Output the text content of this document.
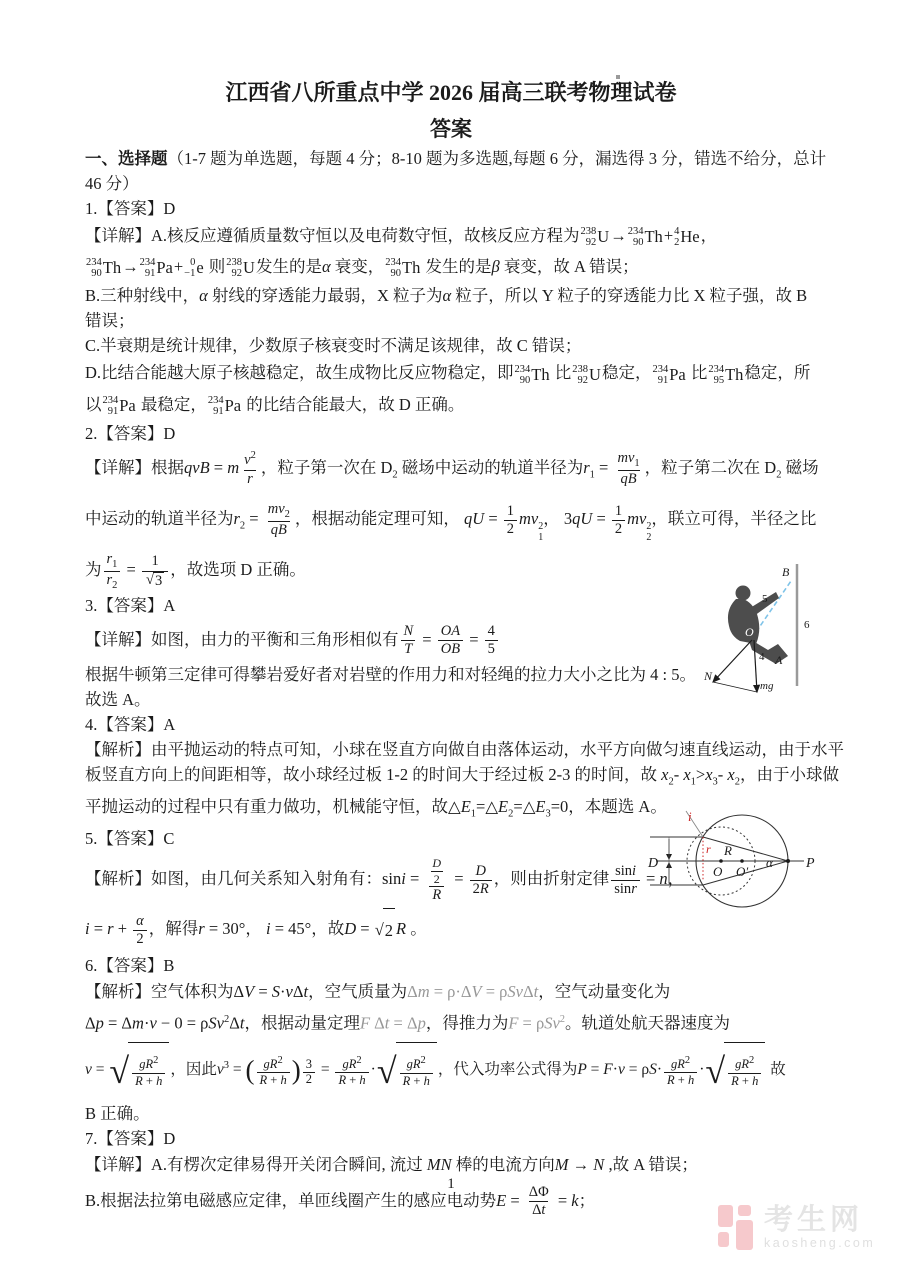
江西省八所重点中学 2026 届高三联考物理试卷
答案
一、选择题（1-7 题为单选题，每题 4 分；8-10 题为多选题,每题 6 分，漏选得 3 分，错选不给分，总计
46 分）
1.【答案】D
【详解】A.核反应遵循质量数守恒以及电荷数守恒，故核反应方程为 238
92 U → 234
90 Th + 4
2 He ，
234
90 Th → 234
91 Pa + 0
−1 e 则 238
92 U 发生的是α 衰变， 234
90 Th 发生的是β 衰变，故 A 错误；
B.三种射线中，α 射线的穿透能力最弱，X 粒子为α 粒子，所以 Y 粒子的穿透能力比 X 粒子强，故 B
错误；
C.半衰期是统计规律，少数原子核衰变时不满足该规律，故 C 错误；
D.比结合能越大原子核越稳定，故生成物比反应物稳定，即 234
90 Th 比 238
92 U 稳定， 234
91 Pa 比 234
95 Th 稳定，所
以 234
91 Pa 最稳定， 234
91 Pa 的比结合能最大，故 D 正确。
2.【答案】D
【详解】根据qvB = m $\frac{v^2}{r}$ ，粒子第一次在 $D_2$ 磁场中运动的轨道半径为$r_1 = \frac{mv_1}{qB}$ ，粒子第二次在 $D_2$ 磁场
中运动的轨道半径为$r_2 = \frac{mv_2}{qB}$ ，根据动能定理可知， qU = $\frac{1}{2}$ mv 2
1
， $3qU = \frac{1}{2}$ mv 2
2
，联立可得，半径之比
为 $\frac{r_1}{r_2} = \frac{1}{√ 3}$ ，故选项 D 正确。
3.【答案】A
【详解】如图，由力的平衡和三角形相似有 $\frac{N}{T} = \frac{OA}{OB} = \frac{4}{5}$
根据牛顿第三定律可得攀岩爱好者对岩壁的作用力和对轻绳的拉力大小之比为 4 : 5。
故选 A。
4.【答案】A
【解析】由平抛运动的特点可知，小球在竖直方向做自由落体运动，水平方向做匀速直线运动，由于水平
板竖直方向上的间距相等，故小球经过板 1-2 的时间大于经过板 2-3 的时间，故 $x_2-$ $x_1>x_3-$ $x_2$，由于小球做
平抛运动的过程中只有重力做功，机械能守恒，故$\triangle E_1=\triangle E_2=\triangle E_3=0$，本题选 A。
5.【答案】C
【解析】如图，由几何关系知入射角有：$\sin i = \frac{\frac{D}{2}}{R} = \frac{D}{2R}$ ，则由折射定律 $\frac{\sin i}{\sin r} = n$，
$i = r + \frac{\alpha}{2}$ ，解得r = 30°， i = 45°，故D = √ 2 R 。
6.【答案】B
【解析】空气体积为ΔV = S·vΔt，空气质量为Δm = ρ·ΔV = ρSvΔt，空气动量变化为
Δp = Δm·v − 0 = ρSv$^2$Δt，根据动量定理F Δt = Δp，得推力为F = ρSv$^2$。轨道处航天器速度为
v = √ $\frac{gR^2}{R + h}$ ，因此$v^3$ = ( $\frac{gR^2}{R + h}$ ) $^{\frac{3}{2}} = \frac{gR^2}{R + h}$ · √ $\frac{gR^2}{R + h}$ ，代入功率公式得为$P = F\cdot v = \rho S\cdot \frac{gR^2}{R + h}$ · √ $\frac{gR^2}{R + h}$ 故
B 正确。
7.【答案】D
【详解】A.有楞次定律易得开关闭合瞬间, 流过 MN 棒的电流方向M → N ,故 A 错误；
B.根据法拉第电磁感应定律，单匝线圈产生的感应电动势$E = \frac{\Delta\Phi}{\Delta t} = k$；
B
5
6
O
4 A
N
mg
i
r R
D
O O′
α P
1
考生网
kaosheng.com
